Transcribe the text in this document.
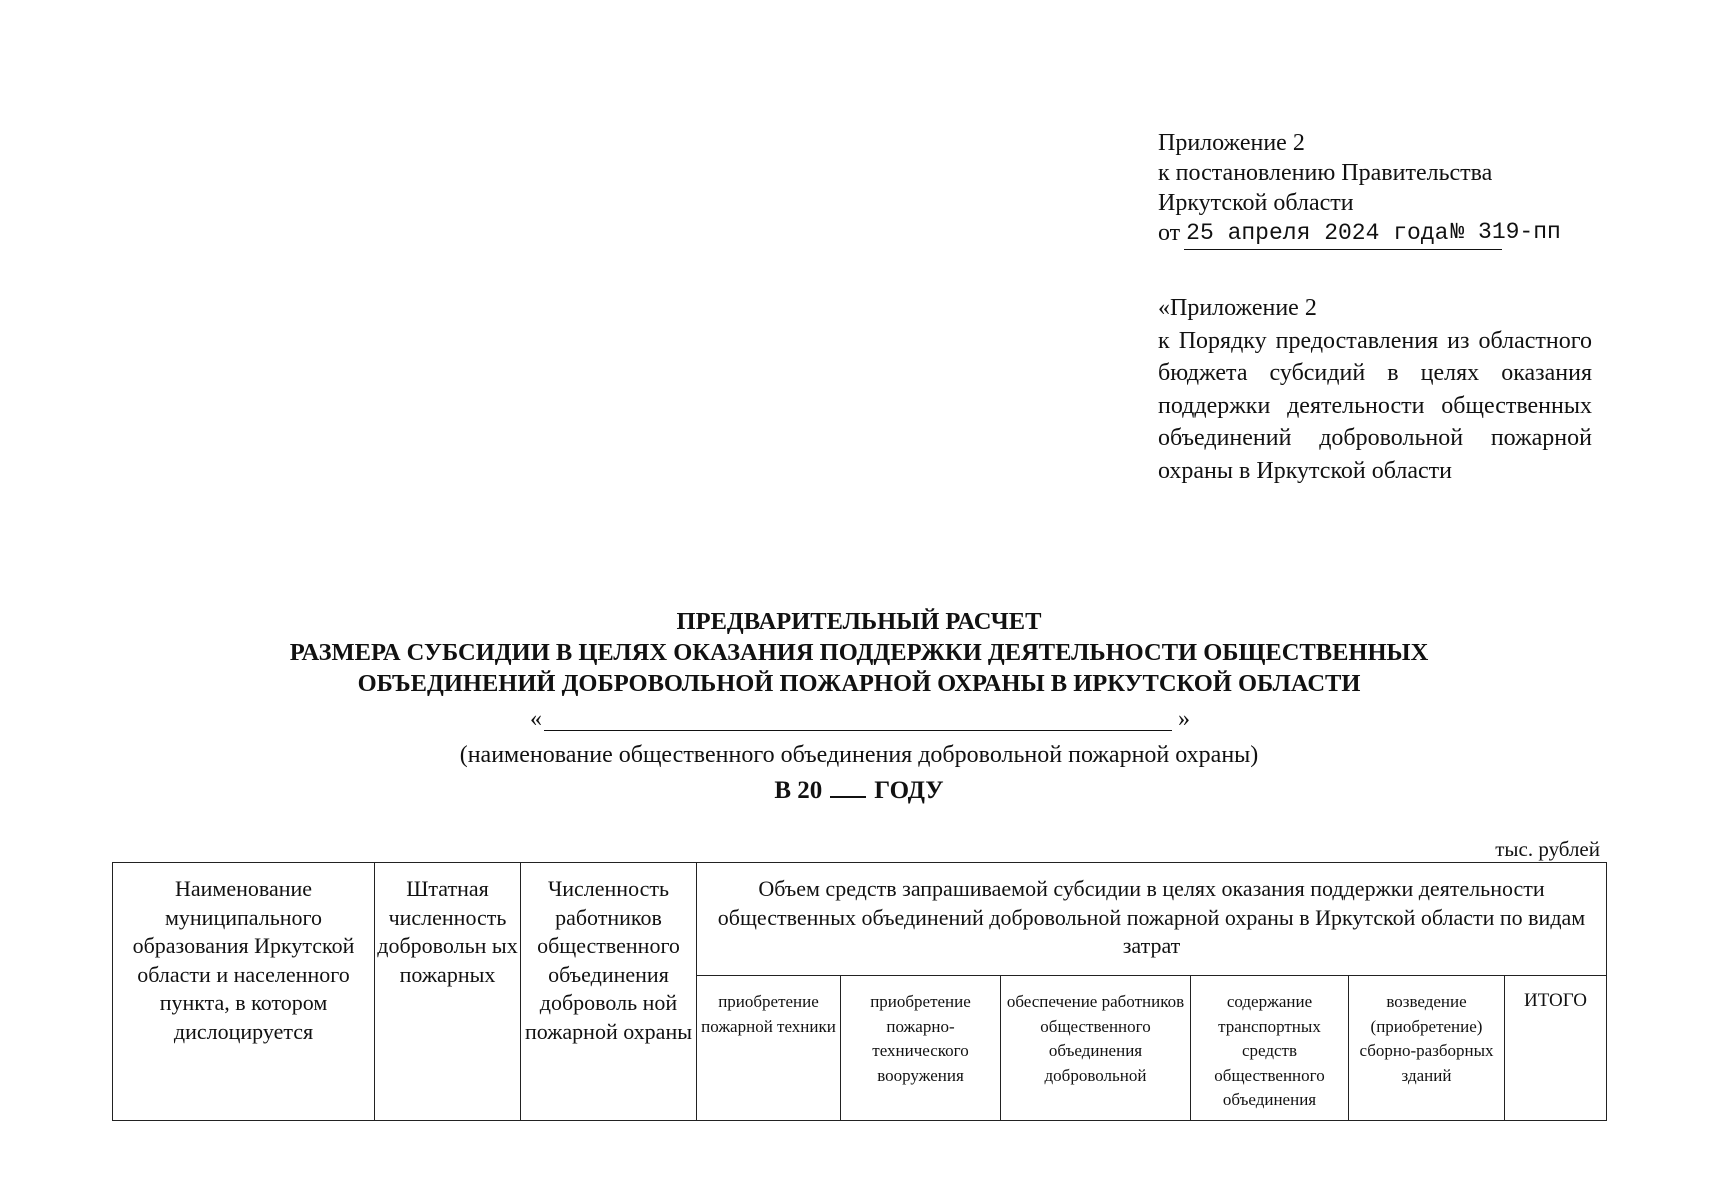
Приложение 2
к постановлению Правительства
Иркутской области
от 25 апреля 2024 года № 319-пп
«Приложение 2
к Порядку предоставления из областного бюджета субсидий в целях оказания поддержки деятельности общественных объединений добровольной пожарной охраны в Иркутской области
ПРЕДВАРИТЕЛЬНЫЙ РАСЧЕТ
РАЗМЕРА СУБСИДИИ В ЦЕЛЯХ ОКАЗАНИЯ ПОДДЕРЖКИ ДЕЯТЕЛЬНОСТИ ОБЩЕСТВЕННЫХ
ОБЪЕДИНЕНИЙ ДОБРОВОЛЬНОЙ ПОЖАРНОЙ ОХРАНЫ В ИРКУТСКОЙ ОБЛАСТИ
«	»
(наименование общественного объединения добровольной пожарной охраны)
В 20 ГОДУ
тыс. рублей
Наименование муниципального образования Иркутской области и населенного пункта, в котором дислоцируется	Штатная численность добровольн ых пожарных	Численность работников общественного объединения доброволь ной пожарной охраны	Объем средств запрашиваемой субсидии в целях оказания поддержки деятельности общественных объединений добровольной пожарной охраны в Иркутской области по видам затрат					
			приобретение пожарной техники	приобретение пожарно-технического вооружения	обеспечение работников общественного объединения добровольной	содержание транспортных средств общественного объединения	возведение (приобретение) сборно-разборных зданий	ИТОГО
